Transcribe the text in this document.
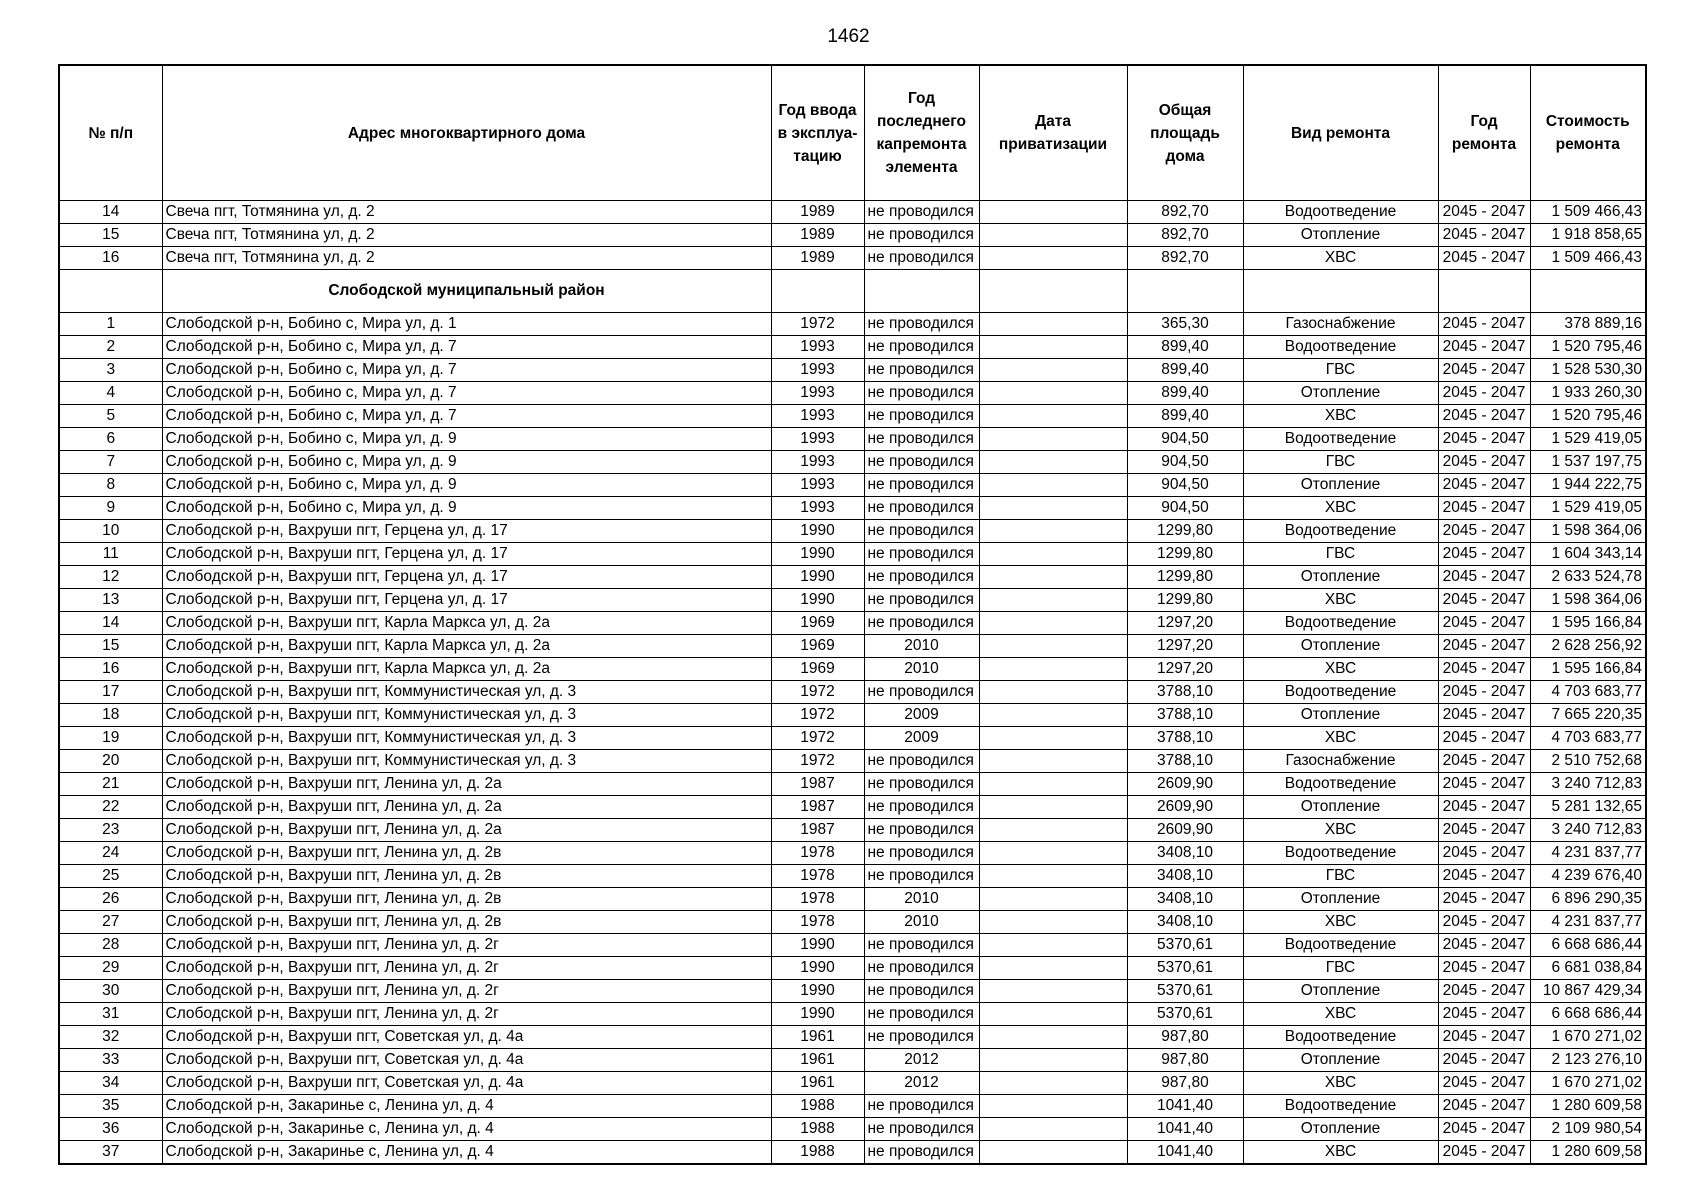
1462
№ п/п	Адрес многоквартирного дома	Год ввода в эксплуа-тацию	Год последнего капремонта элемента	Дата приватизации	Общая площадь дома	Вид ремонта	Год ремонта	Стоимость ремонта
14	Свеча пгт, Тотмянина ул, д. 2	1989	не проводился		892,70	Водоотведение	2045 - 2047	1 509 466,43
15	Свеча пгт, Тотмянина ул, д. 2	1989	не проводился		892,70	Отопление	2045 - 2047	1 918 858,65
16	Свеча пгт, Тотмянина ул, д. 2	1989	не проводился		892,70	ХВС	2045 - 2047	1 509 466,43
	Слободской муниципальный район							
1	Слободской р-н, Бобино с, Мира ул, д. 1	1972	не проводился		365,30	Газоснабжение	2045 - 2047	378 889,16
2	Слободской р-н, Бобино с, Мира ул, д. 7	1993	не проводился		899,40	Водоотведение	2045 - 2047	1 520 795,46
3	Слободской р-н, Бобино с, Мира ул, д. 7	1993	не проводился		899,40	ГВС	2045 - 2047	1 528 530,30
4	Слободской р-н, Бобино с, Мира ул, д. 7	1993	не проводился		899,40	Отопление	2045 - 2047	1 933 260,30
5	Слободской р-н, Бобино с, Мира ул, д. 7	1993	не проводился		899,40	ХВС	2045 - 2047	1 520 795,46
6	Слободской р-н, Бобино с, Мира ул, д. 9	1993	не проводился		904,50	Водоотведение	2045 - 2047	1 529 419,05
7	Слободской р-н, Бобино с, Мира ул, д. 9	1993	не проводился		904,50	ГВС	2045 - 2047	1 537 197,75
8	Слободской р-н, Бобино с, Мира ул, д. 9	1993	не проводился		904,50	Отопление	2045 - 2047	1 944 222,75
9	Слободской р-н, Бобино с, Мира ул, д. 9	1993	не проводился		904,50	ХВС	2045 - 2047	1 529 419,05
10	Слободской р-н, Вахруши пгт, Герцена ул, д. 17	1990	не проводился		1299,80	Водоотведение	2045 - 2047	1 598 364,06
11	Слободской р-н, Вахруши пгт, Герцена ул, д. 17	1990	не проводился		1299,80	ГВС	2045 - 2047	1 604 343,14
12	Слободской р-н, Вахруши пгт, Герцена ул, д. 17	1990	не проводился		1299,80	Отопление	2045 - 2047	2 633 524,78
13	Слободской р-н, Вахруши пгт, Герцена ул, д. 17	1990	не проводился		1299,80	ХВС	2045 - 2047	1 598 364,06
14	Слободской р-н, Вахруши пгт, Карла Маркса ул, д. 2а	1969	не проводился		1297,20	Водоотведение	2045 - 2047	1 595 166,84
15	Слободской р-н, Вахруши пгт, Карла Маркса ул, д. 2а	1969	2010		1297,20	Отопление	2045 - 2047	2 628 256,92
16	Слободской р-н, Вахруши пгт, Карла Маркса ул, д. 2а	1969	2010		1297,20	ХВС	2045 - 2047	1 595 166,84
17	Слободской р-н, Вахруши пгт, Коммунистическая ул, д. 3	1972	не проводился		3788,10	Водоотведение	2045 - 2047	4 703 683,77
18	Слободской р-н, Вахруши пгт, Коммунистическая ул, д. 3	1972	2009		3788,10	Отопление	2045 - 2047	7 665 220,35
19	Слободской р-н, Вахруши пгт, Коммунистическая ул, д. 3	1972	2009		3788,10	ХВС	2045 - 2047	4 703 683,77
20	Слободской р-н, Вахруши пгт, Коммунистическая ул, д. 3	1972	не проводился		3788,10	Газоснабжение	2045 - 2047	2 510 752,68
21	Слободской р-н, Вахруши пгт, Ленина ул, д. 2а	1987	не проводился		2609,90	Водоотведение	2045 - 2047	3 240 712,83
22	Слободской р-н, Вахруши пгт, Ленина ул, д. 2а	1987	не проводился		2609,90	Отопление	2045 - 2047	5 281 132,65
23	Слободской р-н, Вахруши пгт, Ленина ул, д. 2а	1987	не проводился		2609,90	ХВС	2045 - 2047	3 240 712,83
24	Слободской р-н, Вахруши пгт, Ленина ул, д. 2в	1978	не проводился		3408,10	Водоотведение	2045 - 2047	4 231 837,77
25	Слободской р-н, Вахруши пгт, Ленина ул, д. 2в	1978	не проводился		3408,10	ГВС	2045 - 2047	4 239 676,40
26	Слободской р-н, Вахруши пгт, Ленина ул, д. 2в	1978	2010		3408,10	Отопление	2045 - 2047	6 896 290,35
27	Слободской р-н, Вахруши пгт, Ленина ул, д. 2в	1978	2010		3408,10	ХВС	2045 - 2047	4 231 837,77
28	Слободской р-н, Вахруши пгт, Ленина ул, д. 2г	1990	не проводился		5370,61	Водоотведение	2045 - 2047	6 668 686,44
29	Слободской р-н, Вахруши пгт, Ленина ул, д. 2г	1990	не проводился		5370,61	ГВС	2045 - 2047	6 681 038,84
30	Слободской р-н, Вахруши пгт, Ленина ул, д. 2г	1990	не проводился		5370,61	Отопление	2045 - 2047	10 867 429,34
31	Слободской р-н, Вахруши пгт, Ленина ул, д. 2г	1990	не проводился		5370,61	ХВС	2045 - 2047	6 668 686,44
32	Слободской р-н, Вахруши пгт, Советская ул, д. 4а	1961	не проводился		987,80	Водоотведение	2045 - 2047	1 670 271,02
33	Слободской р-н, Вахруши пгт, Советская ул, д. 4а	1961	2012		987,80	Отопление	2045 - 2047	2 123 276,10
34	Слободской р-н, Вахруши пгт, Советская ул, д. 4а	1961	2012		987,80	ХВС	2045 - 2047	1 670 271,02
35	Слободской р-н, Закаринье с, Ленина ул, д. 4	1988	не проводился		1041,40	Водоотведение	2045 - 2047	1 280 609,58
36	Слободской р-н, Закаринье с, Ленина ул, д. 4	1988	не проводился		1041,40	Отопление	2045 - 2047	2 109 980,54
37	Слободской р-н, Закаринье с, Ленина ул, д. 4	1988	не проводился		1041,40	ХВС	2045 - 2047	1 280 609,58
